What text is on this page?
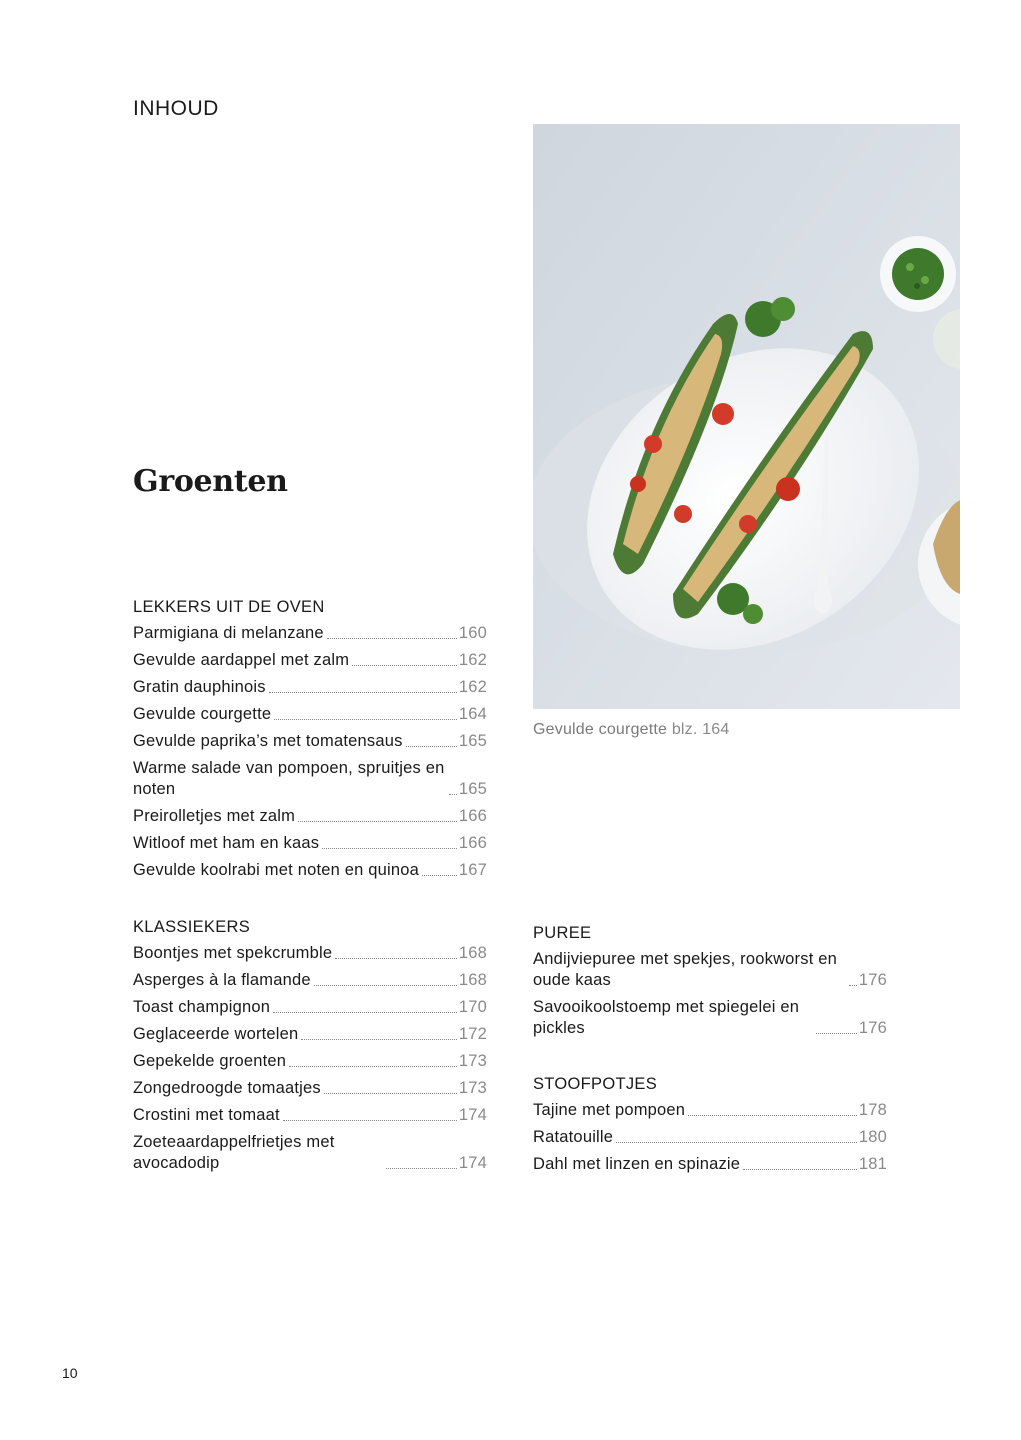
INHOUD
Gevulde courgette blz. 164
Groenten
LEKKERS UIT DE OVEN
Parmigiana di melanzane	160
Gevulde aardappel met zalm	162
Gratin dauphinois	162
Gevulde courgette	164
Gevulde paprika’s met tomatensaus	165
Warme salade van pompoen, spruitjes en noten	165
Preirolletjes met zalm	166
Witloof met ham en kaas	166
Gevulde koolrabi met noten en quinoa 167
KLASSIEKERS
Boontjes met spekcrumble	168
Asperges à la flamande	168
Toast champignon	170
Geglaceerde wortelen	172
Gepekelde groenten	173
Zongedroogde tomaatjes	173
Crostini met tomaat	174
Zoeteaardappelfrietjes met avocadodip	174
PUREE
Andijviepuree met spekjes, rookworst en oude kaas	176
Savooikoolstoemp met spiegelei en pickles	176
STOOFPOTJES
Tajine met pompoen	178
Ratatouille	180
Dahl met linzen en spinazie	181
10
